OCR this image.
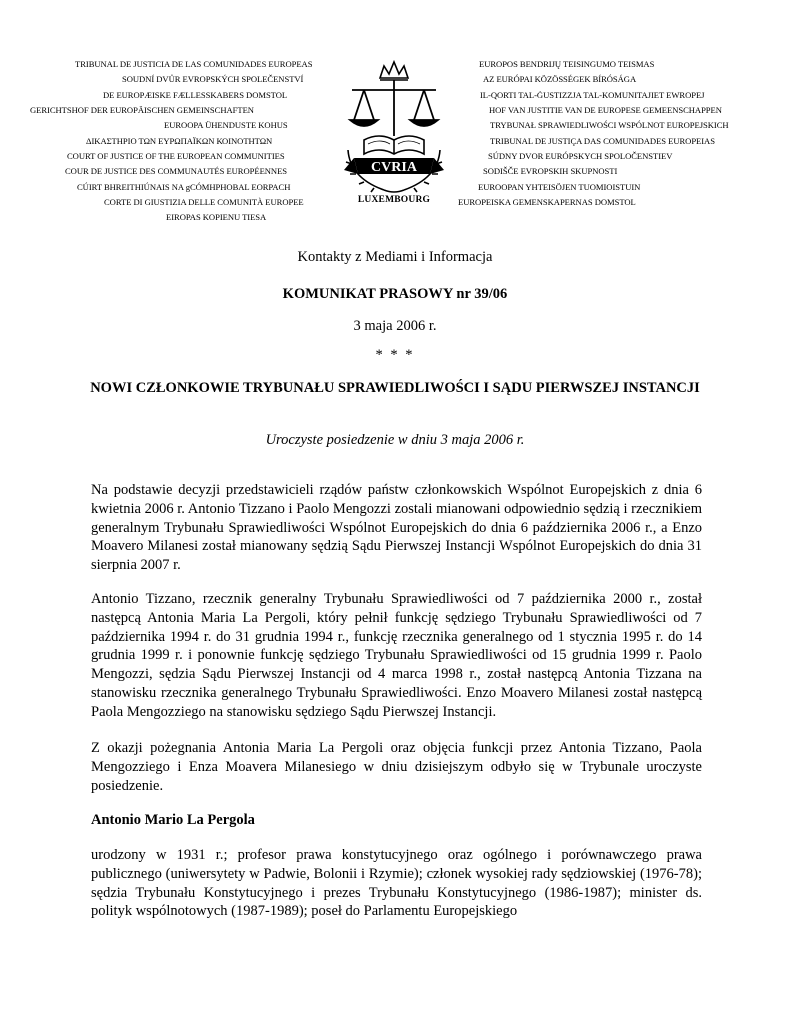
TRIBUNAL DE JUSTICIA DE LAS COMUNIDADES EUROPEAS
SOUDNÍ DVŮR EVROPSKÝCH SPOLEČENSTVÍ
DE EUROPÆISKE FÆLLESSKABERS DOMSTOL
GERICHTSHOF DER EUROPÄISCHEN GEMEINSCHAFTEN
EUROOPA ÜHENDUSTE KOHUS
ΔΙΚΑΣΤΗΡΙΟ ΤΩΝ ΕΥΡΩΠΑΪΚΩΝ ΚΟΙΝΟΤΗΤΩΝ
COURT OF JUSTICE OF THE EUROPEAN COMMUNITIES
COUR DE JUSTICE DES COMMUNAUTÉS EUROPÉENNES
CÚIRT BHREITHIÚNAIS NA gCÓMHPHOBAL EORPACH
CORTE DI GIUSTIZIA DELLE COMUNITÀ EUROPEE
EIROPAS KOPIENU TIESA
CVRIA
LUXEMBOURG
EUROPOS BENDRIJŲ TEISINGUMO TEISMAS
AZ EURÓPAI KÖZÖSSÉGEK BÍRÓSÁGA
IL-QORTI TAL-ĠUSTIZZJA TAL-KOMUNITAJIET EWROPEJ
HOF VAN JUSTITIE VAN DE EUROPESE GEMEENSCHAPPEN
TRYBUNAŁ SPRAWIEDLIWOŚCI WSPÓLNOT EUROPEJSKICH
TRIBUNAL DE JUSTIÇA DAS COMUNIDADES EUROPEIAS
SÚDNY DVOR EURÓPSKYCH SPOLOČENSTIEV
SODIŠČE EVROPSKIH SKUPNOSTI
EUROOPAN YHTEISÖJEN TUOMIOISTUIN
EUROPEISKA GEMENSKAPERNAS DOMSTOL
Kontakty z Mediami i Informacja
KOMUNIKAT PRASOWY nr 39/06
3 maja 2006 r.
* * *
NOWI CZŁONKOWIE TRYBUNAŁU SPRAWIEDLIWOŚCI I SĄDU PIERWSZEJ INSTANCJI
Uroczyste posiedzenie w dniu 3 maja 2006 r.
Na podstawie decyzji przedstawicieli rządów państw członkowskich Wspólnot Europejskich z dnia 6 kwietnia 2006 r. Antonio Tizzano i Paolo Mengozzi zostali mianowani odpowiednio sędzią i rzecznikiem generalnym Trybunału Sprawiedliwości Wspólnot Europejskich do dnia 6 października 2006 r., a Enzo Moavero Milanesi został mianowany sędzią Sądu Pierwszej Instancji Wspólnot Europejskich do dnia 31 sierpnia 2007 r.
Antonio Tizzano, rzecznik generalny Trybunału Sprawiedliwości od 7 października 2000 r., został następcą Antonia Maria La Pergoli, który pełnił funkcję sędziego Trybunału Sprawiedliwości od 7 października 1994 r. do 31 grudnia 1994 r., funkcję rzecznika generalnego od 1 stycznia 1995 r. do 14 grudnia 1999 r. i ponownie funkcję sędziego Trybunału Sprawiedliwości od 15 grudnia 1999 r. Paolo Mengozzi, sędzia Sądu Pierwszej Instancji od 4 marca 1998 r., został następcą Antonia Tizzana na stanowisku rzecznika generalnego Trybunału Sprawiedliwości. Enzo Moavero Milanesi został następcą Paola Mengozziego na stanowisku sędziego Sądu Pierwszej Instancji.
Z okazji pożegnania Antonia Maria La Pergoli oraz objęcia funkcji przez Antonia Tizzano, Paola Mengozziego i Enza Moavera Milanesiego w dniu dzisiejszym odbyło się w Trybunale uroczyste posiedzenie.
Antonio Mario La Pergola
urodzony w 1931 r.; profesor prawa konstytucyjnego oraz ogólnego i porównawczego prawa publicznego (uniwersytety w Padwie, Bolonii i Rzymie); członek wysokiej rady sędziowskiej (1976-78); sędzia Trybunału Konstytucyjnego i prezes Trybunału Konstytucyjnego (1986-1987); minister ds. polityk wspólnotowych (1987-1989); poseł do Parlamentu Europejskiego
